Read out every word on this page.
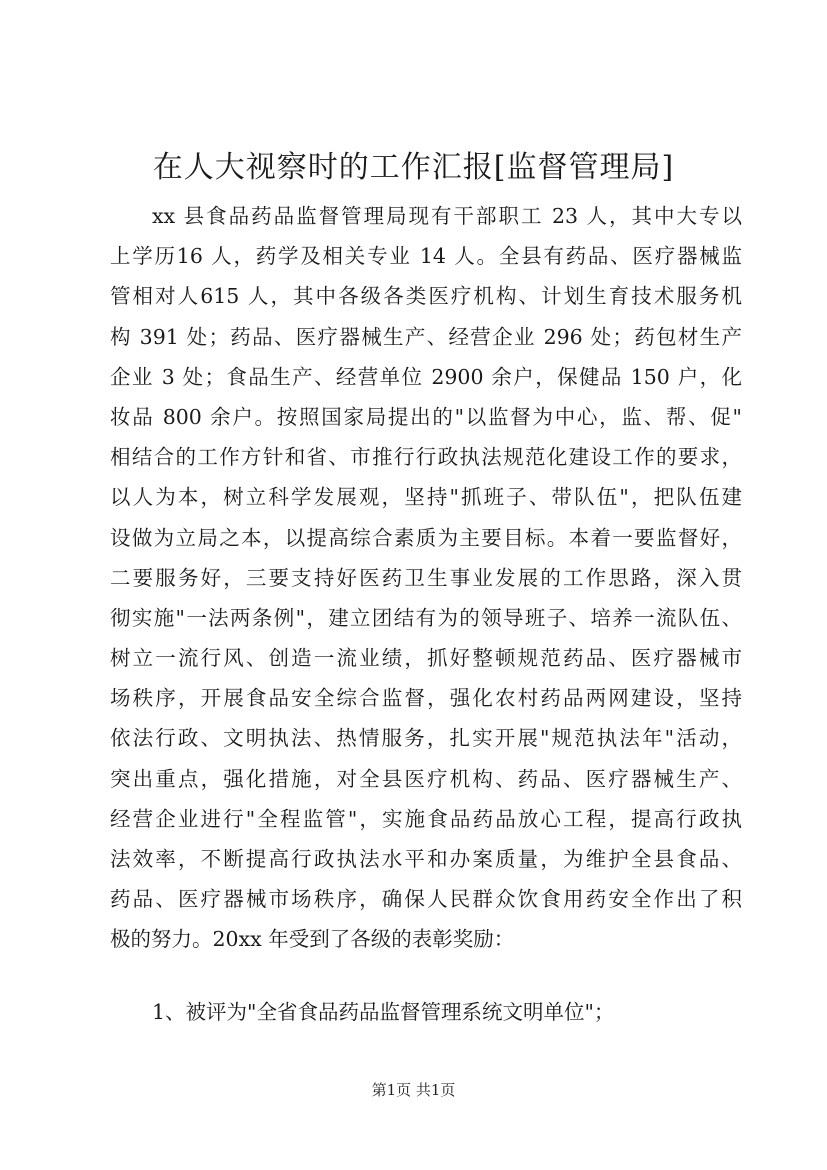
在人大视察时的工作汇报[监督管理局]
xx 县食品药品监督管理局现有干部职工 23 人，其中大专以
上学历16 人，药学及相关专业 14 人。全县有药品、医疗器械监
管相对人615 人，其中各级各类医疗机构、计划生育技术服务机
构 391 处；药品、医疗器械生产、经营企业 296 处；药包材生产
企业 3 处；食品生产、经营单位 2900 余户，保健品 150 户，化
妆品 800 余户。按照国家局提出的"以监督为中心，监、帮、促"
相结合的工作方针和省、市推行行政执法规范化建设工作的要求，
以人为本，树立科学发展观，坚持"抓班子、带队伍"，把队伍建
设做为立局之本，以提高综合素质为主要目标。本着一要监督好，
二要服务好，三要支持好医药卫生事业发展的工作思路，深入贯
彻实施"一法两条例"，建立团结有为的领导班子、培养一流队伍、
树立一流行风、创造一流业绩，抓好整顿规范药品、医疗器械市
场秩序，开展食品安全综合监督，强化农村药品两网建设，坚持
依法行政、文明执法、热情服务，扎实开展"规范执法年"活动，
突出重点，强化措施，对全县医疗机构、药品、医疗器械生产、
经营企业进行"全程监管"，实施食品药品放心工程，提高行政执
法效率，不断提高行政执法水平和办案质量，为维护全县食品、
药品、医疗器械市场秩序，确保人民群众饮食用药安全作出了积
极的努力。20xx 年受到了各级的表彰奖励：
1、被评为"全省食品药品监督管理系统文明单位"；
第1页 共1页
